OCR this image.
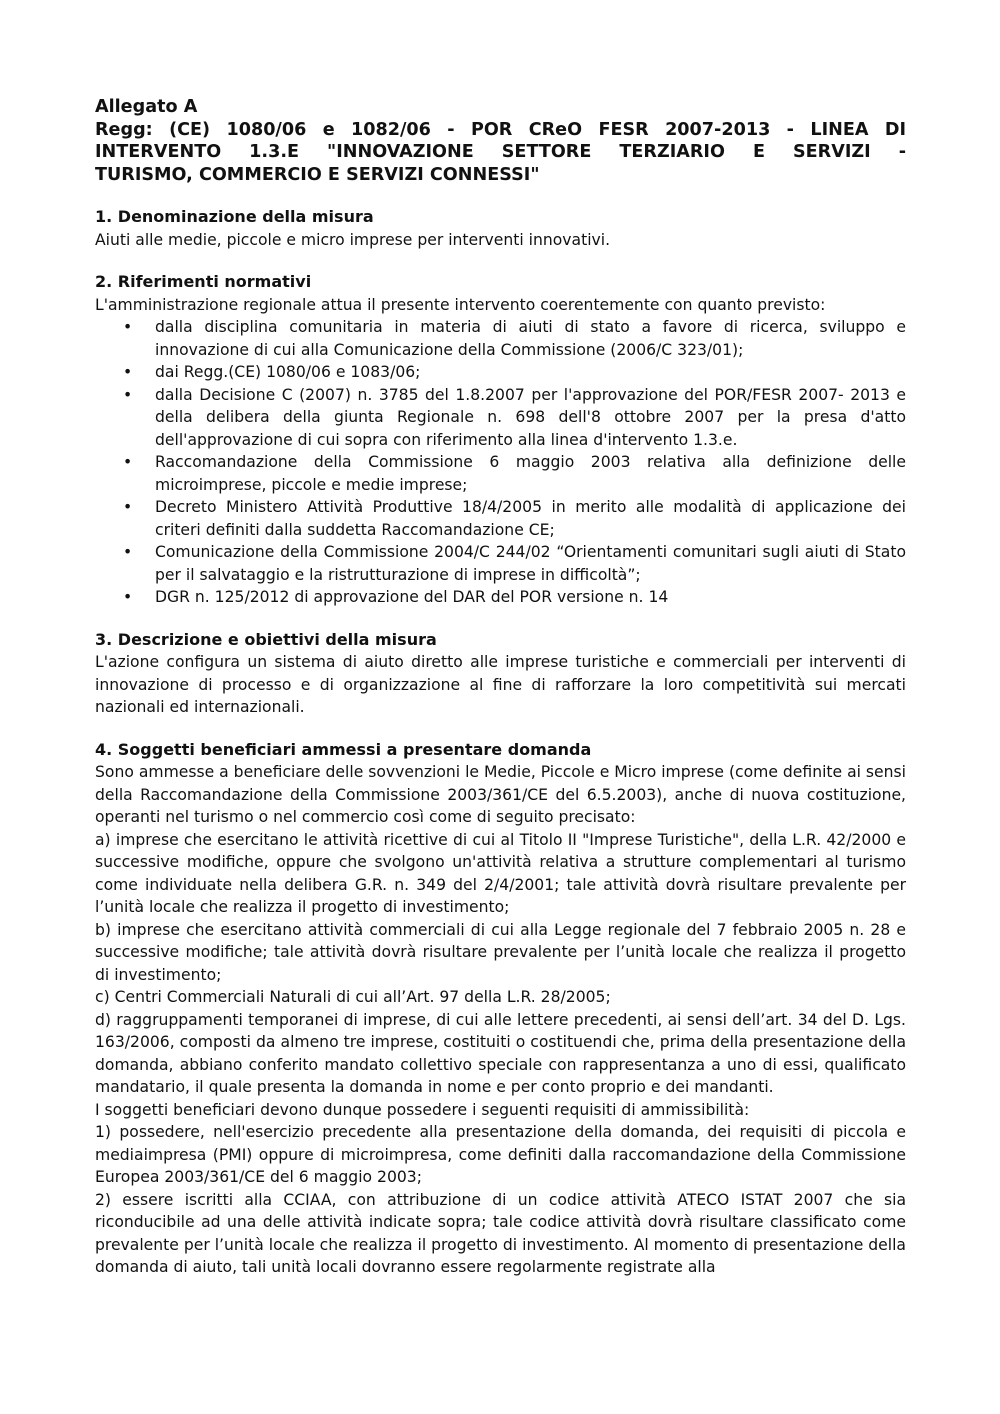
Allegato A
Regg: (CE) 1080/06 e 1082/06 - POR CReO FESR 2007-2013 - LINEA DI
INTERVENTO 1.3.E "INNOVAZIONE SETTORE TERZIARIO E SERVIZI -
TURISMO, COMMERCIO E SERVIZI CONNESSI"
1. Denominazione della misura

Aiuti alle medie, piccole e micro imprese per interventi innovativi.

2. Riferimenti normativi

L'amministrazione regionale attua il presente intervento coerentemente con quanto previsto:

• dalla disciplina comunitaria in materia di aiuti di stato a favore di ricerca, sviluppo e innovazione di cui alla Comunicazione della Commissione (2006/C 323/01);
• dai Regg.(CE) 1080/06 e 1083/06;
• dalla Decisione C (2007) n. 3785 del 1.8.2007 per l'approvazione del POR/FESR 2007- 2013 e della delibera della giunta Regionale n. 698 dell'8 ottobre 2007 per la presa d'atto dell'approvazione di cui sopra con riferimento alla linea d'intervento 1.3.e.
• Raccomandazione della Commissione 6 maggio 2003 relativa alla definizione delle microimprese, piccole e medie imprese;
• Decreto Ministero Attività Produttive 18/4/2005 in merito alle modalità di applicazione dei criteri definiti dalla suddetta Raccomandazione CE;
• Comunicazione della Commissione 2004/C 244/02 “Orientamenti comunitari sugli aiuti di Stato per il salvataggio e la ristrutturazione di imprese in difficoltà”;
• DGR n. 125/2012 di approvazione del DAR del POR versione n. 14
3. Descrizione e obiettivi della misura

L'azione configura un sistema di aiuto diretto alle imprese turistiche e commerciali per interventi di innovazione di processo e di organizzazione al fine di rafforzare la loro competitività sui mercati nazionali ed internazionali.

4. Soggetti beneficiari ammessi a presentare domanda

Sono ammesse a beneficiare delle sovvenzioni le Medie, Piccole e Micro imprese (come definite ai sensi della Raccomandazione della Commissione 2003/361/CE del 6.5.2003), anche di nuova costituzione, operanti nel turismo o nel commercio così come di seguito precisato:

a) imprese che esercitano le attività ricettive di cui al Titolo II "Imprese Turistiche", della L.R. 42/2000 e successive modifiche, oppure che svolgono un'attività relativa a strutture complementari al turismo come individuate nella delibera G.R. n. 349 del 2/4/2001; tale attività dovrà risultare prevalente per l’unità locale che realizza il progetto di investimento;

b) imprese che esercitano attività commerciali di cui alla Legge regionale del 7 febbraio 2005 n. 28 e successive modifiche; tale attività dovrà risultare prevalente per l’unità locale che realizza il progetto di investimento;

c) Centri Commerciali Naturali di cui all’Art. 97 della L.R. 28/2005;

d) raggruppamenti temporanei di imprese, di cui alle lettere precedenti, ai sensi dell’art. 34 del D. Lgs. 163/2006, composti da almeno tre imprese, costituiti o costituendi che, prima della presentazione della domanda, abbiano conferito mandato collettivo speciale con rappresentanza a uno di essi, qualificato mandatario, il quale presenta la domanda in nome e per conto proprio e dei mandanti.

I soggetti beneficiari devono dunque possedere i seguenti requisiti di ammissibilità:

1) possedere, nell'esercizio precedente alla presentazione della domanda, dei requisiti di piccola e mediaimpresa (PMI) oppure di microimpresa, come definiti dalla raccomandazione della Commissione Europea 2003/361/CE del 6 maggio 2003;

2) essere iscritti alla CCIAA, con attribuzione di un codice attività ATECO ISTAT 2007 che sia riconducibile ad una delle attività indicate sopra; tale codice attività dovrà risultare classificato come prevalente per l’unità locale che realizza il progetto di investimento. Al momento di presentazione della domanda di aiuto, tali unità locali dovranno essere regolarmente registrate alla
